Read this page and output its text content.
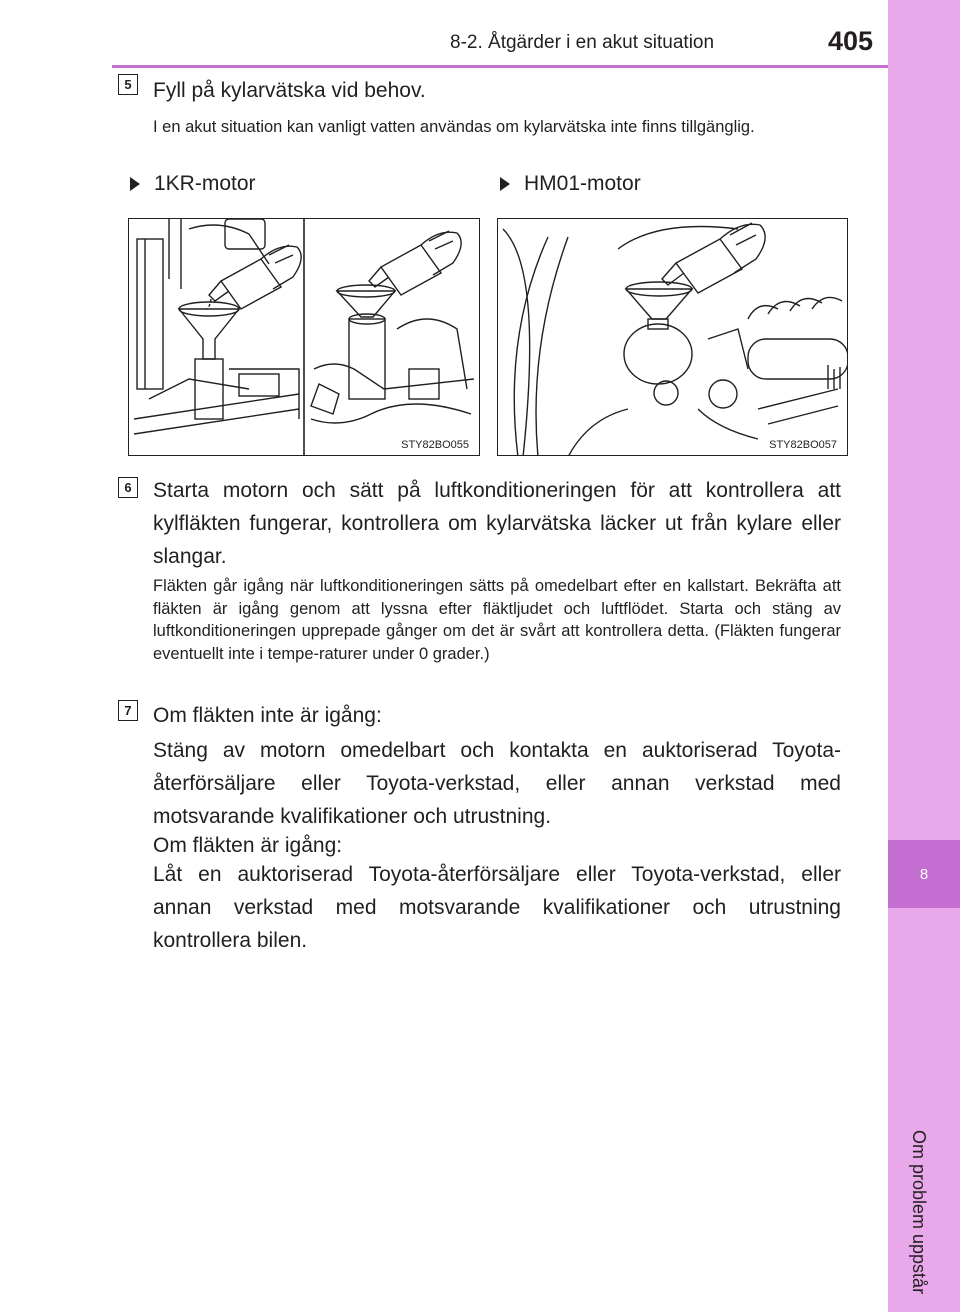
8
Om problem uppstår
8-2. Åtgärder i en akut situation	405
5	Fyll på kylarvätska vid behov.
I en akut situation kan vanligt vatten användas om kylarvätska inte finns tillgänglig.
1KR-motor	HM01-motor
STY82BO055	STY82BO057
6	Starta motorn och sätt på luftkonditioneringen för att kontrollera att kylfläkten fungerar, kontrollera om kylarvätska läcker ut från kylare eller slangar.
Fläkten går igång när luftkonditioneringen sätts på omedelbart efter en kallstart. Bekräfta att fläkten är igång genom att lyssna efter fläktljudet och luftflödet. Starta och stäng av luftkonditioneringen upprepade gånger om det är svårt att kontrollera detta. (Fläkten fungerar eventuellt inte i tempe-raturer under 0 grader.)
7	Om fläkten inte är igång:
Stäng av motorn omedelbart och kontakta en auktoriserad Toyota-återförsäljare eller Toyota-verkstad, eller annan verkstad med motsvarande kvalifikationer och utrustning.
Om fläkten är igång:
Låt en auktoriserad Toyota-återförsäljare eller Toyota-verkstad, eller annan verkstad med motsvarande kvalifikationer och utrustning kontrollera bilen.
